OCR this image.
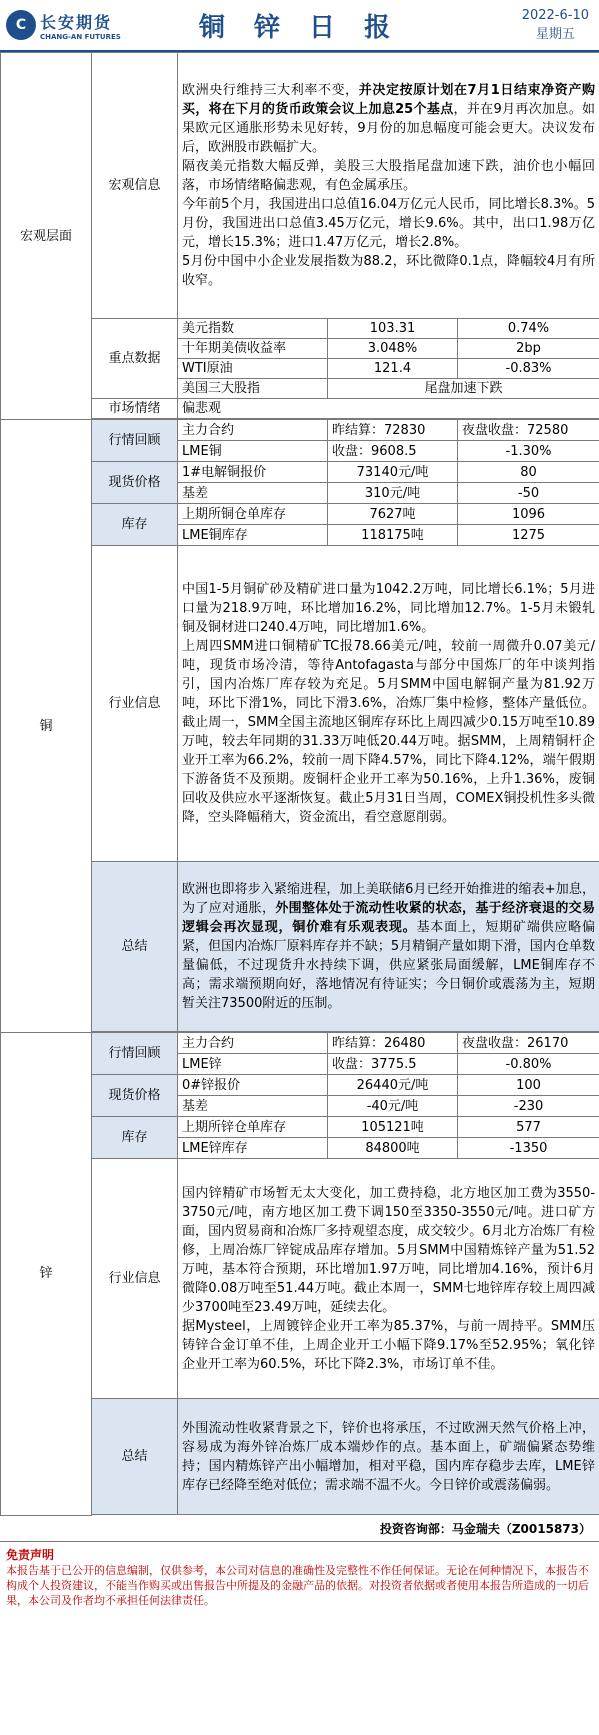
C 长安期货
CHANG-AN FUTURES	铜 锌 日 报	2022-6-10
星期五
宏观层面	宏观信息	欧洲央行维持三大利率不变，并决定按原计划在7月1日结束净资产购买，将在下月的货币政策会议上加息25个基点，并在9月再次加息。如果欧元区通胀形势未见好转，9月份的加息幅度可能会更大。决议发布后，欧洲股市跌幅扩大。
隔夜美元指数大幅反弹，美股三大股指尾盘加速下跌，油价也小幅回落，市场情绪略偏悲观，有色金属承压。
今年前5个月，我国进出口总值16.04万亿元人民币，同比增长8.3%。5月份，我国进出口总值3.45万亿元，增长9.6%。其中，出口1.98万亿元，增长15.3%；进口1.47万亿元，增长2.8%。
5月份中国中小企业发展指数为88.2，环比微降0.1点，降幅较4月有所收窄。		

	重点数据	美元指数	103.31	0.74%
		十年期美债收益率	3.048%	2bp
		WTI原油	121.4	-0.83%
		美国三大股指	尾盘加速下跌	
	市场情绪	偏悲观		

铜	行情回顾	主力合约	昨结算：72830	夜盘收盘：72580
		LME铜	收盘：9608.5	-1.30%
	现货价格	1#电解铜报价	73140元/吨	80
		基差	310元/吨	-50
	库存	上期所铜仓单库存	7627吨	1096
		LME铜库存	118175吨	1275
	行业信息	中国1-5月铜矿砂及精矿进口量为1042.2万吨，同比增长6.1%；5月进口量为218.9万吨，环比增加16.2%，同比增加12.7%。1-5月未锻轧铜及铜材进口240.4万吨，同比增加1.6%。
上周四SMM进口铜精矿TC报78.66美元/吨，较前一周微升0.07美元/吨，现货市场冷清，等待Antofagasta与部分中国炼厂的年中谈判指引，国内冶炼厂库存较为充足。5月SMM中国电解铜产量为81.92万吨，环比下滑1%，同比下滑3.6%，冶炼厂集中检修，整体产量低位。截止周一，SMM全国主流地区铜库存环比上周四减少0.15万吨至10.89万吨，较去年同期的31.33万吨低20.44万吨。据SMM，上周精铜杆企业开工率为66.2%，较前一周下降4.57%，同比下降4.12%，端午假期下游备货不及预期。废铜杆企业开工率为50.16%，上升1.36%，废铜回收及供应水平逐渐恢复。截止5月31日当周，COMEX铜投机性多头微降，空头降幅稍大，资金流出，看空意愿削弱。		

	总结	欧洲也即将步入紧缩进程，加上美联储6月已经开始推进的缩表+加息，为了应对通胀，外围整体处于流动性收紧的状态，基于经济衰退的交易逻辑会再次显现，铜价难有乐观表现。基本面上，短期矿端供应略偏紧，但国内冶炼厂原料库存并不缺；5月精铜产量如期下滑，国内仓单数量偏低，不过现货升水持续下调，供应紧张局面缓解，LME铜库存不高；需求端预期向好，落地情况有待证实；今日铜价或震荡为主，短期暂关注73500附近的压制。		

锌	行情回顾	主力合约	昨结算：26480	夜盘收盘：26170
		LME锌	收盘：3775.5	-0.80%
	现货价格	0#锌报价	26440元/吨	100
		基差	-40元/吨	-230
	库存	上期所锌仓单库存	105121吨	577
		LME锌库存	84800吨	-1350
	行业信息	国内锌精矿市场暂无太大变化，加工费持稳，北方地区加工费为3550-3750元/吨，南方地区加工费下调150至3350-3550元/吨。进口矿方面，国内贸易商和冶炼厂多持观望态度，成交较少。6月北方冶炼厂有检修，上周冶炼厂锌锭成品库存增加。5月SMM中国精炼锌产量为51.52万吨，基本符合预期，环比增加1.97万吨，同比增加4.16%，预计6月微降0.08万吨至51.44万吨。截止本周一，SMM七地锌库存较上周四减少3700吨至23.49万吨，延续去化。
据Mysteel，上周镀锌企业开工率为85.37%，与前一周持平。SMM压铸锌合金订单不佳，上周企业开工小幅下降9.17%至52.95%；氧化锌企业开工率为60.5%，环比下降2.3%，市场订单不佳。		

	总结	外围流动性收紧背景之下，锌价也将承压，不过欧洲天然气价格上冲，容易成为海外锌冶炼厂成本端炒作的点。基本面上，矿端偏紧态势维持；国内精炼锌产出小幅增加，相对平稳，国内库存稳步去库，LME锌库存已经降至绝对低位；需求端不温不火。今日锌价或震荡偏弱。		

投资咨询部：马金瑞夫（Z0015873）
免责声明
本报告基于已公开的信息编制，仅供参考，本公司对信息的准确性及完整性不作任何保证。无论在何种情况下，本报告不构成个人投资建议，不能当作购买或出售报告中所提及的金融产品的依据。对投资者依据或者使用本报告所造成的一切后果，本公司及作者均不承担任何法律责任。
